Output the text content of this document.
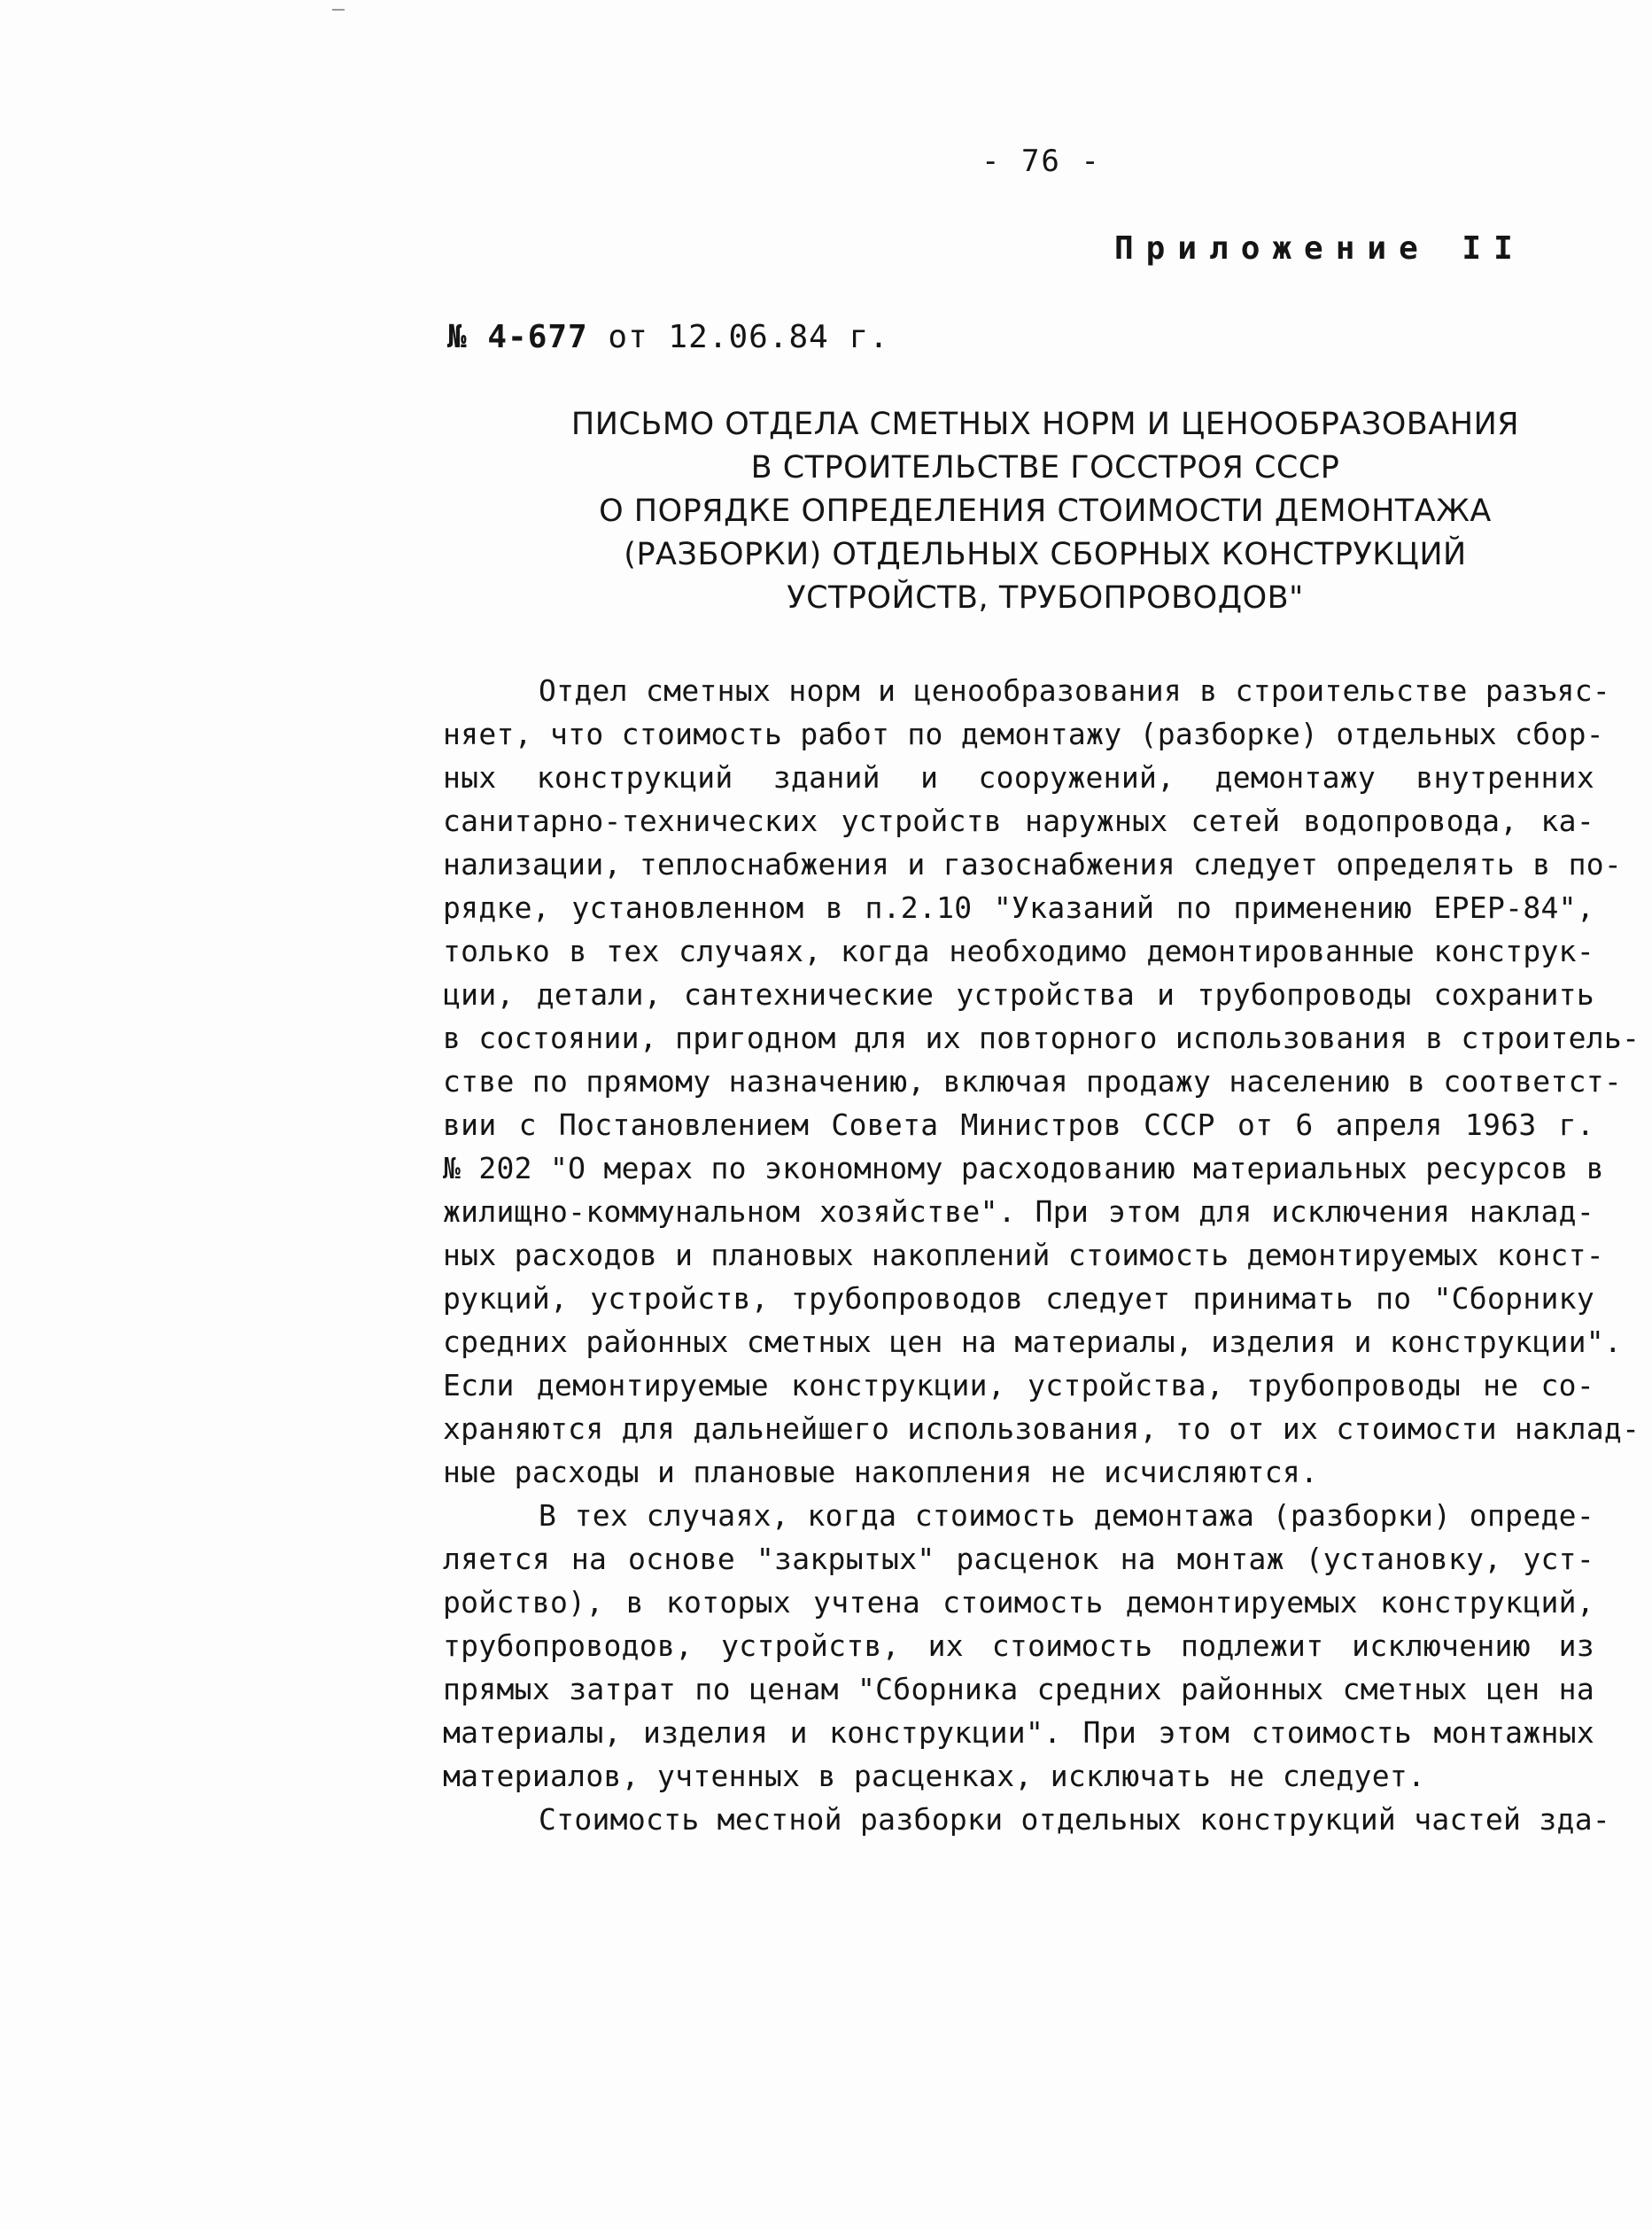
- 76 -
Приложение II
№ 4-677 от 12.06.84 г.
ПИСЬМО ОТДЕЛА СМЕТНЫХ НОРМ И ЦЕНООБРАЗОВАНИЯ
В СТРОИТЕЛЬСТВЕ ГОССТРОЯ СССР
О ПОРЯДКЕ ОПРЕДЕЛЕНИЯ СТОИМОСТИ ДЕМОНТАЖА
(РАЗБОРКИ) ОТДЕЛЬНЫХ СБОРНЫХ КОНСТРУКЦИЙ
УСТРОЙСТВ, ТРУБОПРОВОДОВ"
Отдел сметных норм и ценообразования в строительстве разъяс-
няет, что стоимость работ по демонтажу (разборке) отдельных сбор-
ных конструкций зданий и сооружений, демонтажу внутренних
санитарно-технических устройств наружных сетей водопровода, ка-
нализации, теплоснабжения и газоснабжения следует определять в по-
рядке, установленном в п.2.10 "Указаний по применению ЕРЕР-84",
только в тех случаях, когда необходимо демонтированные конструк-
ции, детали, сантехнические устройства и трубопроводы сохранить
в состоянии, пригодном для их повторного использования в строитель-
стве по прямому назначению, включая продажу населению в соответст-
вии с Постановлением Совета Министров СССР от 6 апреля 1963 г.
№ 202 "О мерах по экономному расходованию материальных ресурсов в
жилищно-коммунальном хозяйстве". При этом для исключения наклад-
ных расходов и плановых накоплений стоимость демонтируемых конст-
рукций, устройств, трубопроводов следует принимать по "Сборнику
средних районных сметных цен на материалы, изделия и конструкции".
Если демонтируемые конструкции, устройства, трубопроводы не со-
храняются для дальнейшего использования, то от их стоимости наклад-
ные расходы и плановые накопления не исчисляются.
В тех случаях, когда стоимость демонтажа (разборки) опреде-
ляется на основе "закрытых" расценок на монтаж (установку, уст-
ройство), в которых учтена стоимость демонтируемых конструкций,
трубопроводов, устройств, их стоимость подлежит исключению из
прямых затрат по ценам "Сборника средних районных сметных цен на
материалы, изделия и конструкции". При этом стоимость монтажных
материалов, учтенных в расценках, исключать не следует.
Стоимость местной разборки отдельных конструкций частей зда-
